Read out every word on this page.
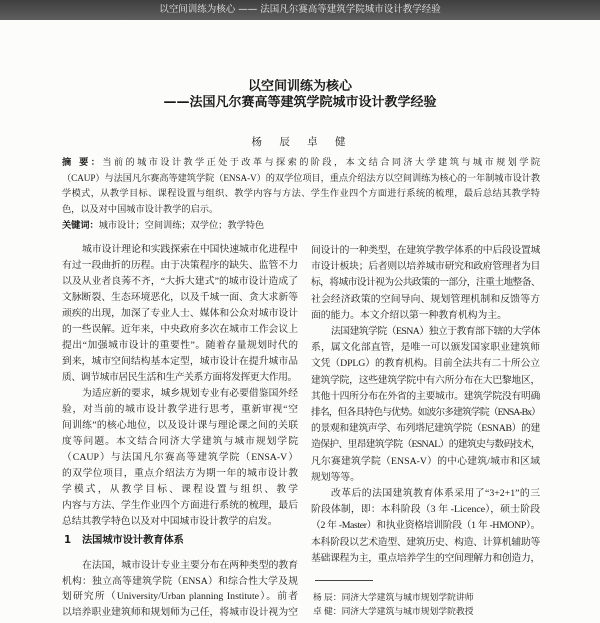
以空间训练为核心 —— 法国凡尔赛高等建筑学院城市设计教学经验
以空间训练为核心
——法国凡尔赛高等建筑学院城市设计教学经验
杨 辰 卓 健
摘 要：当前的城市设计教学正处于改革与探索的阶段，本文结合同济大学建筑与城市规划学院
（CAUP）与法国凡尔赛高等建筑学院（ENSA-V）的双学位项目，重点介绍法方以空间训练为核心的一年制城市设计教
学模式，从教学目标、课程设置与组织、教学内容与方法、学生作业四个方面进行系统的梳理，最后总结其教学特
色，以及对中国城市设计教学的启示。
关键词：城市设计；空间训练；双学位；教学特色
城市设计理论和实践探索在中国快速城市化进程中
有过一段曲折的历程。由于决策程序的缺失、监管不力
以及从业者良莠不齐，“大拆大建式”的城市设计造成了
文脉断裂、生态环境恶化，以及千城一面、贪大求新等
顽疾的出现，加深了专业人士、媒体和公众对城市设计
的一些误解。近年来，中央政府多次在城市工作会议上
提出“加强城市设计的重要性”。随着存量规划时代的
到来，城市空间结构基本定型，城市设计在提升城市品
质、调节城市居民生活和生产关系方面将发挥更大作用。
为适应新的要求，城乡规划专业有必要借鉴国外经
验，对当前的城市设计教学进行思考，重新审视“空
间训练”的核心地位，以及设计课与理论课之间的关联
度等问题。本文结合同济大学建筑与城市规划学院
（CAUP）与法国凡尔赛高等建筑学院（ENSA-V）
的双学位项目，重点介绍法方为期一年的城市设计教
学模式，从教学目标、课程设置与组织、教学
内容与方法、学生作业四个方面进行系统的梳理，最后
总结其教学特色以及对中国城市设计教学的启发。
1 法国城市设计教育体系
在法国，城市设计专业主要分布在两种类型的教育
机构：独立高等建筑学院（ENSA）和综合性大学及规
划研究所（University/Urban planning Institute）。前者
以培养职业建筑师和规划师为己任，将城市设计视为空
间设计的一种类型，在建筑学教学体系的中后段设置城
市设计板块；后者则以培养城市研究和政府管理者为目
标，将城市设计视为公共政策的一部分，注重土地整备、
社会经济政策的空间导向、规划管理机制和反馈等方
面的能力。本文介绍以第一种教育机构为主。
法国建筑学院（ESNA）独立于教育部下辖的大学体
系，属文化部直管，是唯一可以颁发国家职业建筑师
文凭（DPLG）的教育机构。目前全法共有二十所公立
建筑学院，这些建筑学院中有六所分布在大巴黎地区，
其他十四所分布在外省的主要城市。建筑学院没有明确
排名，但各具特色与优势。如波尔多建筑学院（ENSA-Bx）
的景观和建筑声学、布列塔尼建筑学院（ESNAB）的建
造保护、里昂建筑学院（ESNAL）的建筑史与数码技术，
凡尔赛建筑学院（ENSA-V）的中心建筑/城市和区域
规划等等。
改革后的法国建筑教育体系采用了“3+2+1”的三
阶段体制，即：本科阶段（3 年 -Licence），硕士阶段
（2 年 -Master）和执业资格培训阶段（1 年 -HMONP）。
本科阶段以艺术造型、建筑历史、构造、计算机辅助等
基础课程为主，重点培养学生的空间理解力和创造力，
杨 辰：同济大学建筑与城市规划学院讲师
卓 健：同济大学建筑与城市规划学院教授
